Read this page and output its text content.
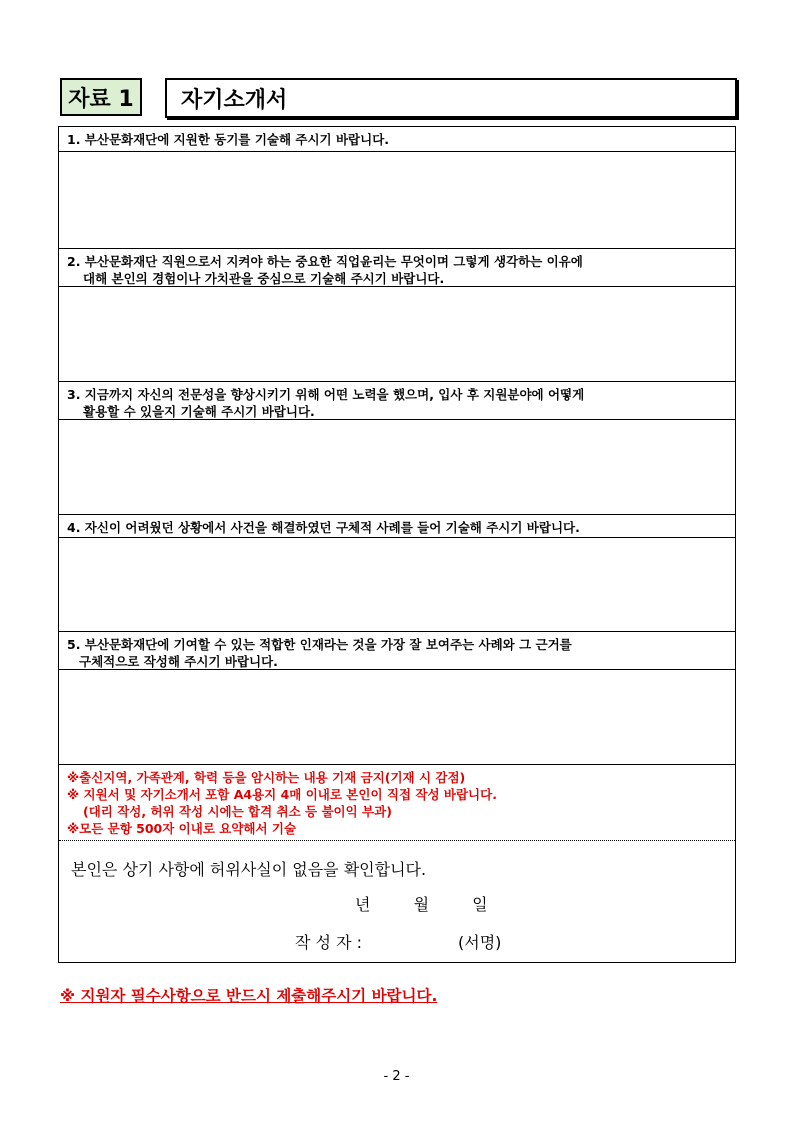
자료 1	자기소개서
1. 부산문화재단에 지원한 동기를 기술해 주시기 바랍니다.
2. 부산문화재단 직원으로서 지켜야 하는 중요한 직업윤리는 무엇이며 그렇게 생각하는 이유에
대해 본인의 경험이나 가치관을 중심으로 기술해 주시기 바랍니다.
3. 지금까지 자신의 전문성을 향상시키기 위해 어떤 노력을 했으며, 입사 후 지원분야에 어떻게
활용할 수 있을지 기술해 주시기 바랍니다.
4. 자신이 어려웠던 상황에서 사건을 해결하였던 구체적 사례를 들어 기술해 주시기 바랍니다.
5. 부산문화재단에 기여할 수 있는 적합한 인재라는 것을 가장 잘 보여주는 사례와 그 근거를
구체적으로 작성해 주시기 바랍니다.
※출신지역, 가족관계, 학력 등을 암시하는 내용 기재 금지(기재 시 감점)
※ 지원서 및 자기소개서 포함 A4용지 4매 이내로 본인이 직접 작성 바랍니다.
(대리 작성, 허위 작성 시에는 합격 취소 등 불이익 부과)
※모든 문항 500자 이내로 요약해서 기술
본인은 상기 사항에 허위사실이 없음을 확인합니다.
년	월	일
작 성 자 :	(서명)
※ 지원자 필수사항으로 반드시 제출해주시기 바랍니다.
- 2 -
